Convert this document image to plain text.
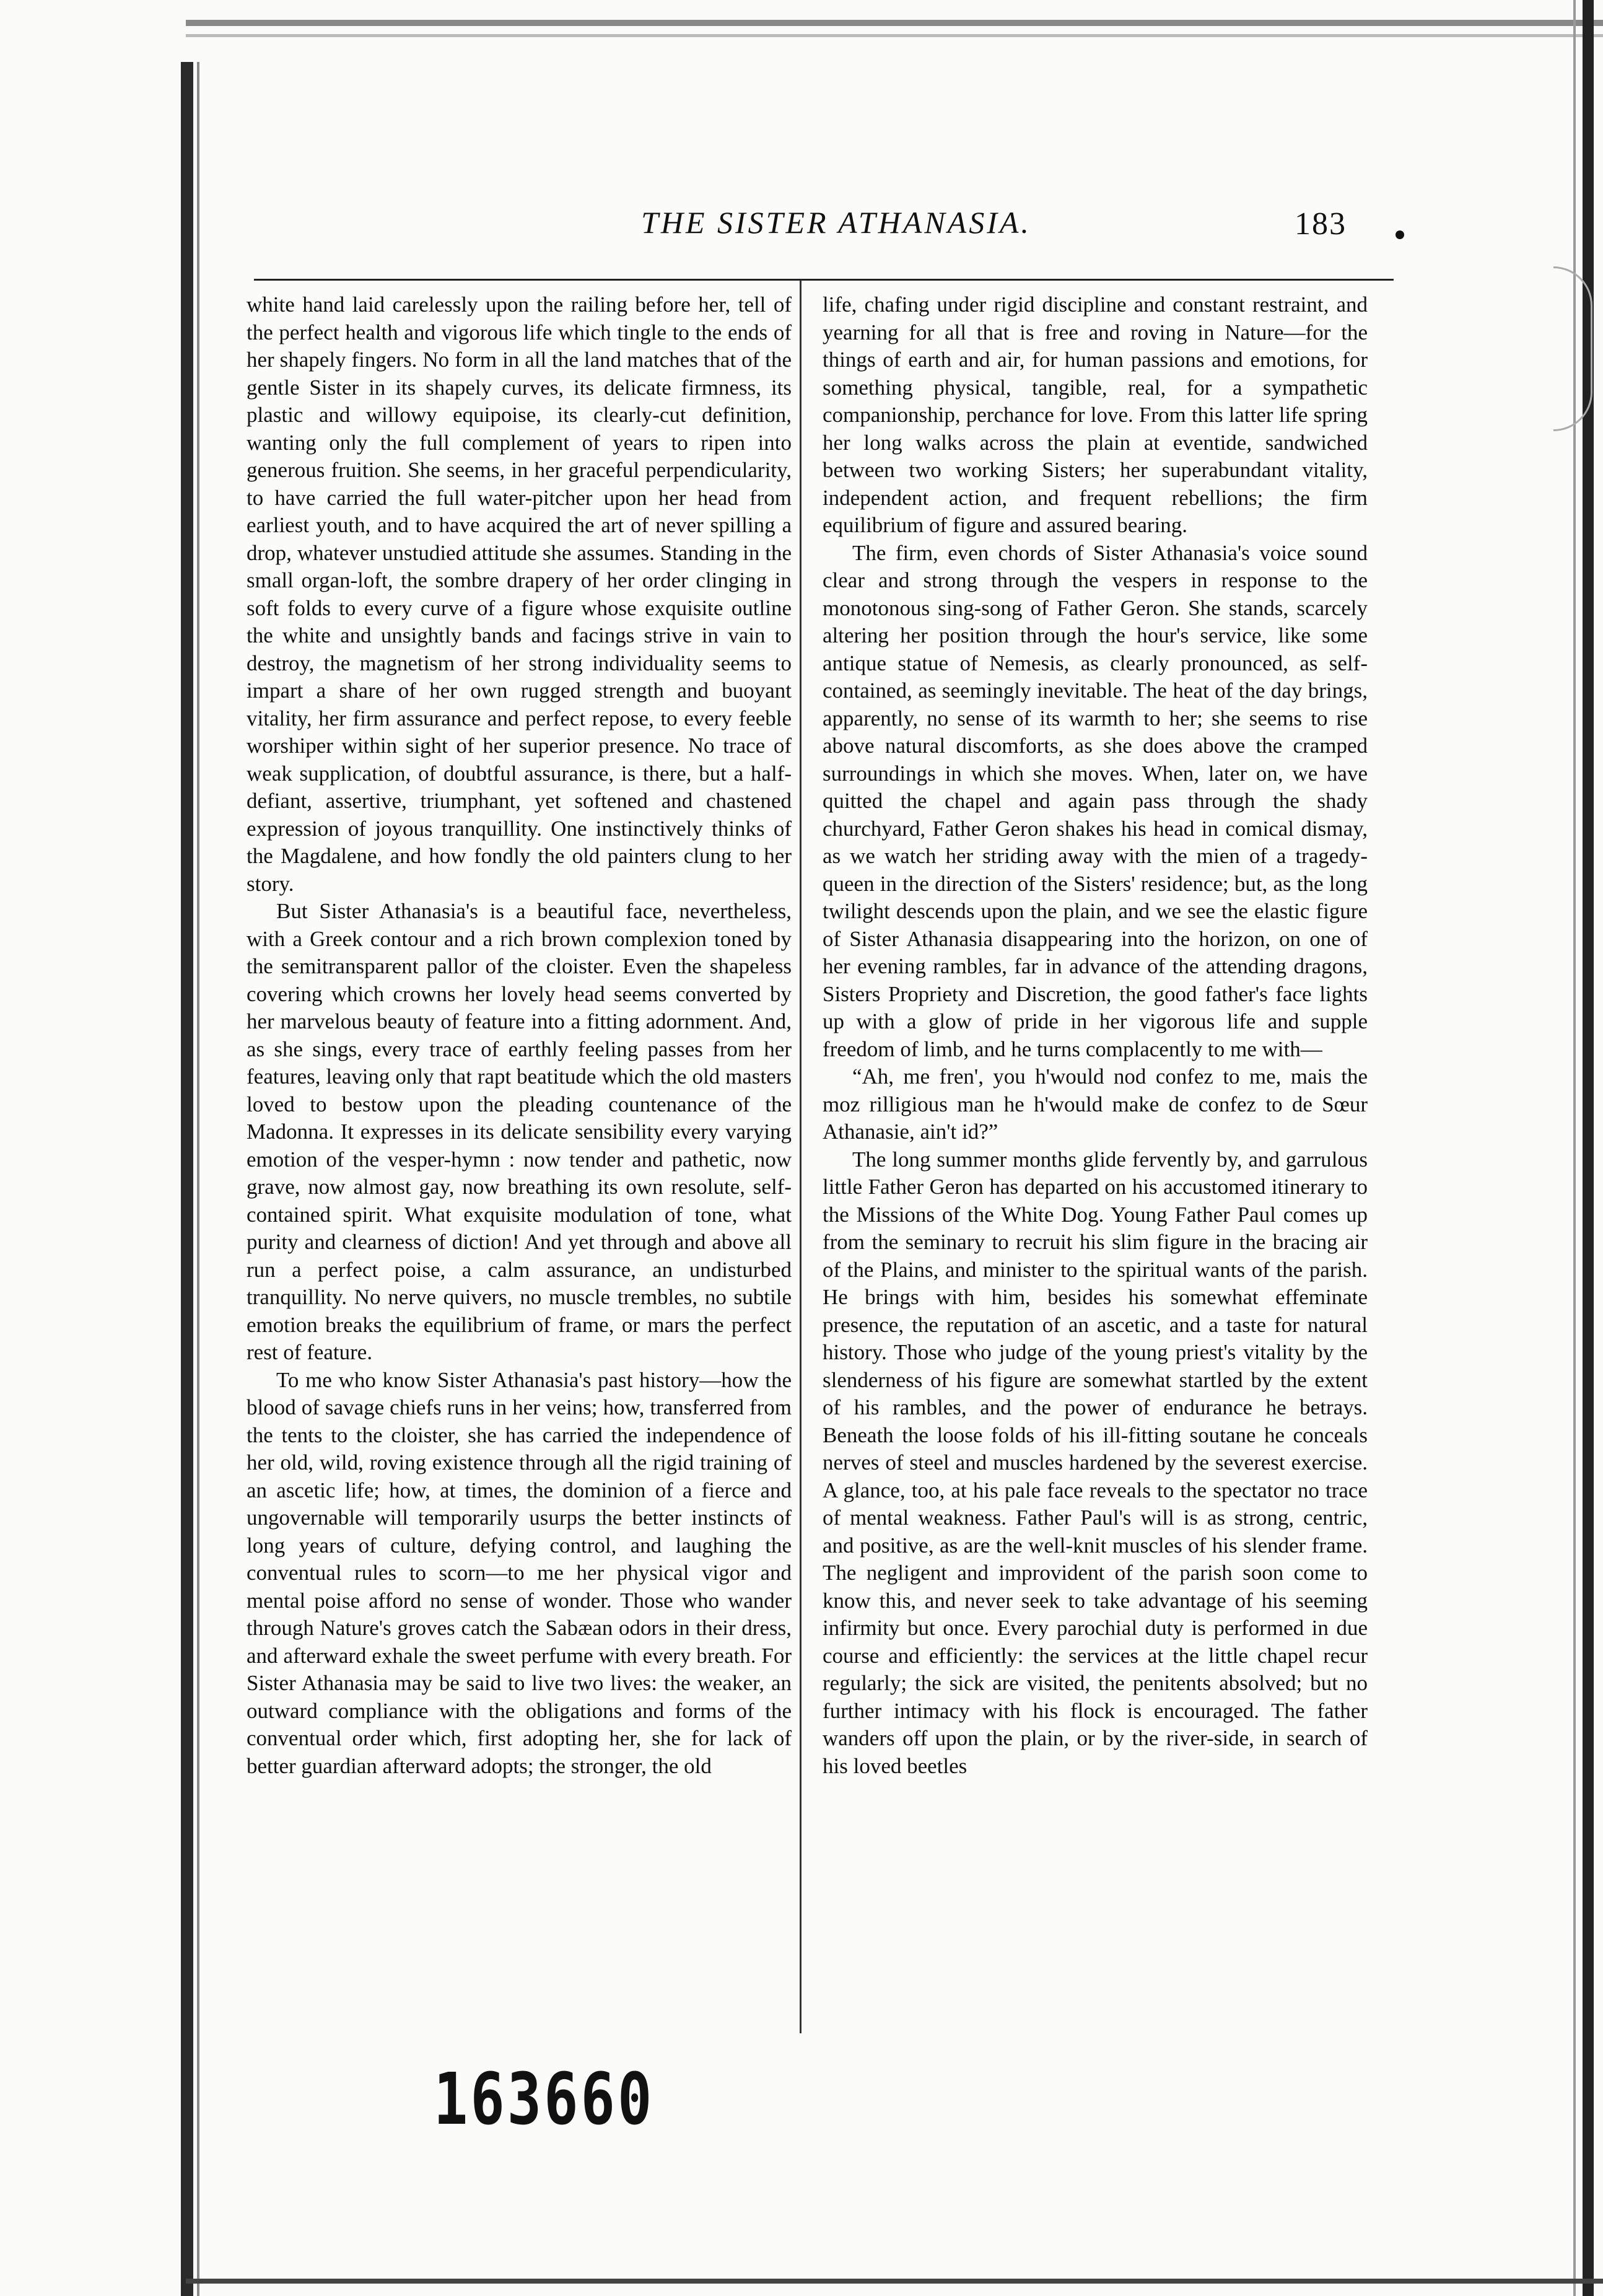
THE SISTER ATHANASIA.	183

white hand laid carelessly upon the railing before her, tell of the perfect health and vigorous life which tingle to the ends of her shapely fingers. No form in all the land matches that of the gentle Sister in its shapely curves, its delicate firmness, its plastic and willowy equipoise, its clearly-cut definition, wanting only the full complement of years to ripen into generous fruition. She seems, in her graceful perpendicularity, to have carried the full water-pitcher upon her head from earliest youth, and to have acquired the art of never spilling a drop, whatever unstudied attitude she assumes. Standing in the small organ-loft, the sombre drapery of her order clinging in soft folds to every curve of a figure whose exquisite outline the white and unsightly bands and facings strive in vain to destroy, the magnetism of her strong individuality seems to impart a share of her own rugged strength and buoyant vitality, her firm assurance and perfect repose, to every feeble worshiper within sight of her superior presence. No trace of weak supplication, of doubtful assurance, is there, but a half-defiant, assertive, triumphant, yet softened and chastened expression of joyous tranquillity. One instinctively thinks of the Magdalene, and how fondly the old painters clung to her story.

But Sister Athanasia's is a beautiful face, nevertheless, with a Greek contour and a rich brown complexion toned by the semitransparent pallor of the cloister. Even the shapeless covering which crowns her lovely head seems converted by her marvelous beauty of feature into a fitting adornment. And, as she sings, every trace of earthly feeling passes from her features, leaving only that rapt beatitude which the old masters loved to bestow upon the pleading countenance of the Madonna. It expresses in its delicate sensibility every varying emotion of the vesper-hymn : now tender and pathetic, now grave, now almost gay, now breathing its own resolute, self-contained spirit. What exquisite modulation of tone, what purity and clearness of diction! And yet through and above all run a perfect poise, a calm assurance, an undisturbed tranquillity. No nerve quivers, no muscle trembles, no subtile emotion breaks the equilibrium of frame, or mars the perfect rest of feature.

To me who know Sister Athanasia's past history—how the blood of savage chiefs runs in her veins; how, transferred from the tents to the cloister, she has carried the independence of her old, wild, roving existence through all the rigid training of an ascetic life; how, at times, the dominion of a fierce and ungovernable will temporarily usurps the better instincts of long years of culture, defying control, and laughing the conventual rules to scorn—to me her physical vigor and mental poise afford no sense of wonder. Those who wander through Nature's groves catch the Sabæan odors in their dress, and afterward exhale the sweet perfume with every breath. For Sister Athanasia may be said to live two lives: the weaker, an outward compliance with the obligations and forms of the conventual order which, first adopting her, she for lack of better guardian afterward adopts; the stronger, the old

life, chafing under rigid discipline and constant restraint, and yearning for all that is free and roving in Nature—for the things of earth and air, for human passions and emotions, for something physical, tangible, real, for a sympathetic companionship, perchance for love. From this latter life spring her long walks across the plain at eventide, sandwiched between two working Sisters; her superabundant vitality, independent action, and frequent rebellions; the firm equilibrium of figure and assured bearing.

The firm, even chords of Sister Athanasia's voice sound clear and strong through the vespers in response to the monotonous sing-song of Father Geron. She stands, scarcely altering her position through the hour's service, like some antique statue of Nemesis, as clearly pronounced, as self-contained, as seemingly inevitable. The heat of the day brings, apparently, no sense of its warmth to her; she seems to rise above natural discomforts, as she does above the cramped surroundings in which she moves. When, later on, we have quitted the chapel and again pass through the shady churchyard, Father Geron shakes his head in comical dismay, as we watch her striding away with the mien of a tragedy-queen in the direction of the Sisters' residence; but, as the long twilight descends upon the plain, and we see the elastic figure of Sister Athanasia disappearing into the horizon, on one of her evening rambles, far in advance of the attending dragons, Sisters Propriety and Discretion, the good father's face lights up with a glow of pride in her vigorous life and supple freedom of limb, and he turns complacently to me with—

“Ah, me fren', you h'would nod confez to me, mais the moz rilligious man he h'would make de confez to de Sœur Athanasie, ain't id?”

The long summer months glide fervently by, and garrulous little Father Geron has departed on his accustomed itinerary to the Missions of the White Dog. Young Father Paul comes up from the seminary to recruit his slim figure in the bracing air of the Plains, and minister to the spiritual wants of the parish. He brings with him, besides his somewhat effeminate presence, the reputation of an ascetic, and a taste for natural history. Those who judge of the young priest's vitality by the slenderness of his figure are somewhat startled by the extent of his rambles, and the power of endurance he betrays. Beneath the loose folds of his ill-fitting soutane he conceals nerves of steel and muscles hardened by the severest exercise. A glance, too, at his pale face reveals to the spectator no trace of mental weakness. Father Paul's will is as strong, centric, and positive, as are the well-knit muscles of his slender frame. The negligent and improvident of the parish soon come to know this, and never seek to take advantage of his seeming infirmity but once. Every parochial duty is performed in due course and efficiently: the services at the little chapel recur regularly; the sick are visited, the penitents absolved; but no further intimacy with his flock is encouraged. The father wanders off upon the plain, or by the river-side, in search of his loved beetles

163660
